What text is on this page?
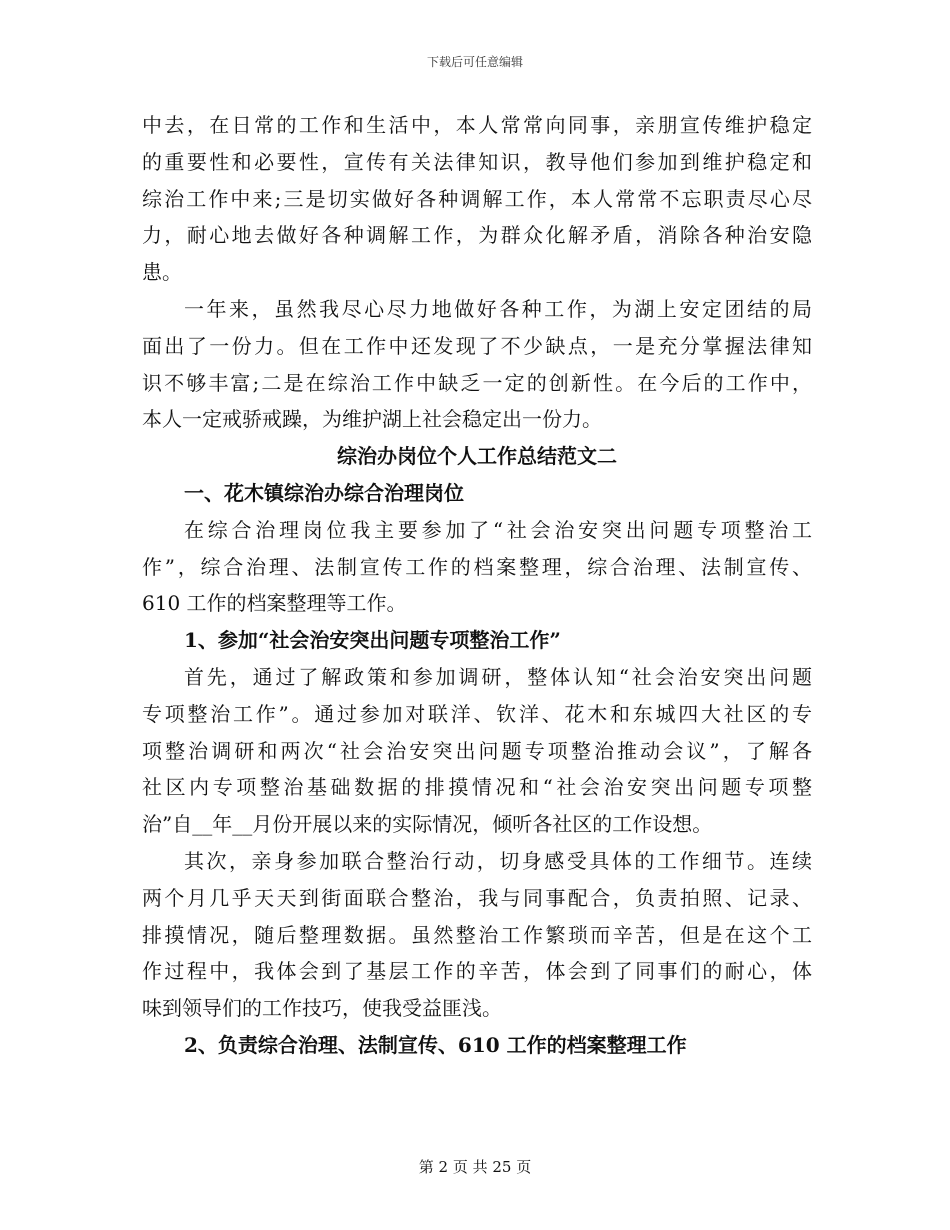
下载后可任意编辑
中去，在日常的工作和生活中，本人常常向同事，亲朋宣传维护稳定
的重要性和必要性，宣传有关法律知识，教导他们参加到维护稳定和
综治工作中来;三是切实做好各种调解工作，本人常常不忘职责尽心尽
力，耐心地去做好各种调解工作，为群众化解矛盾，消除各种治安隐
患。
一年来，虽然我尽心尽力地做好各种工作，为湖上安定团结的局
面出了一份力。但在工作中还发现了不少缺点，一是充分掌握法律知
识不够丰富;二是在综治工作中缺乏一定的创新性。在今后的工作中，
本人一定戒骄戒躁，为维护湖上社会稳定出一份力。
综治办岗位个人工作总结范文二
一、花木镇综治办综合治理岗位
在综合治理岗位我主要参加了“社会治安突出问题专项整治工
作”，综合治理、法制宣传工作的档案整理，综合治理、法制宣传、
610 工作的档案整理等工作。
1、参加“社会治安突出问题专项整治工作”
首先，通过了解政策和参加调研，整体认知“社会治安突出问题
专项整治工作”。通过参加对联洋、钦洋、花木和东城四大社区的专
项整治调研和两次“社会治安突出问题专项整治推动会议”，了解各
社区内专项整治基础数据的排摸情况和“社会治安突出问题专项整
治”自__年__月份开展以来的实际情况，倾听各社区的工作设想。
其次，亲身参加联合整治行动，切身感受具体的工作细节。连续
两个月几乎天天到街面联合整治，我与同事配合，负责拍照、记录、
排摸情况，随后整理数据。虽然整治工作繁琐而辛苦，但是在这个工
作过程中，我体会到了基层工作的辛苦，体会到了同事们的耐心，体
味到领导们的工作技巧，使我受益匪浅。
2、负责综合治理、法制宣传、610 工作的档案整理工作
第 2 页 共 25 页
